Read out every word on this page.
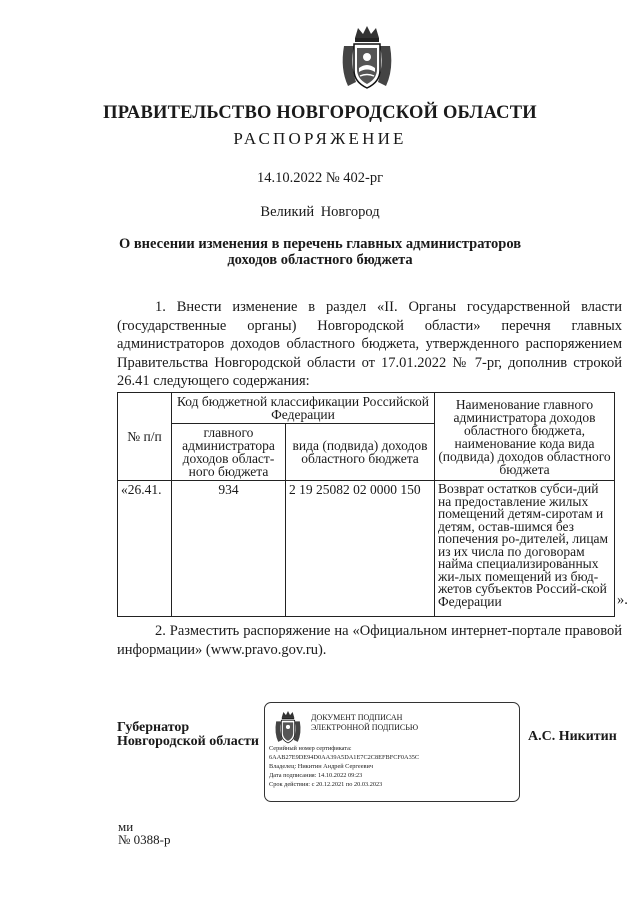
ПРАВИТЕЛЬСТВО НОВГОРОДСКОЙ ОБЛАСТИ
РАСПОРЯЖЕНИЕ
14.10.2022 № 402-рг
Великий Новгород
О внесении изменения в перечень главных администраторов
доходов областного бюджета
1. Внести изменение в раздел «II. Органы государственной власти (государственные органы) Новгородской области» перечня главных администраторов доходов областного бюджета, утвержденного распоряжением Правительства Новгородской области от 17.01.2022 № 7-рг, дополнив строкой 26.41 следующего содержания:
№ п/п	Код бюджетной классификации Российской Федерации		Наименование главного администратора доходов областного бюджета, наименование кода вида (подвида) доходов областного бюджета
	главного администратора доходов област-ного бюджета	вида (подвида) доходов областного бюджета	
«26.41.	934	2 19 25082 02 0000 150	Возврат остатков субси-дий на предоставление жилых помещений детям-сиротам и детям, остав-шимся без попечения ро-дителей, лицам из их числа по договорам найма специализированных жи-лых помещений из бюд-жетов субъектов Россий-ской Федерации	».
2. Разместить распоряжение на «Официальном интернет-портале правовой информации» (www.pravo.gov.ru).
Губернатор
Новгородской области
ДОКУМЕНТ ПОДПИСАН
ЭЛЕКТРОННОЙ ПОДПИСЬЮ
Серийный номер сертификата:
6AAB27E9DE94D0AA39A5DA1E7C2C8EFBFCF0A35C
Владелец: Никитин Андрей Сергеевич
Дата подписания: 14.10.2022 09:23
Срок действия: с 20.12.2021 по 20.03.2023
А.С. Никитин
ми
№ 0388-р
